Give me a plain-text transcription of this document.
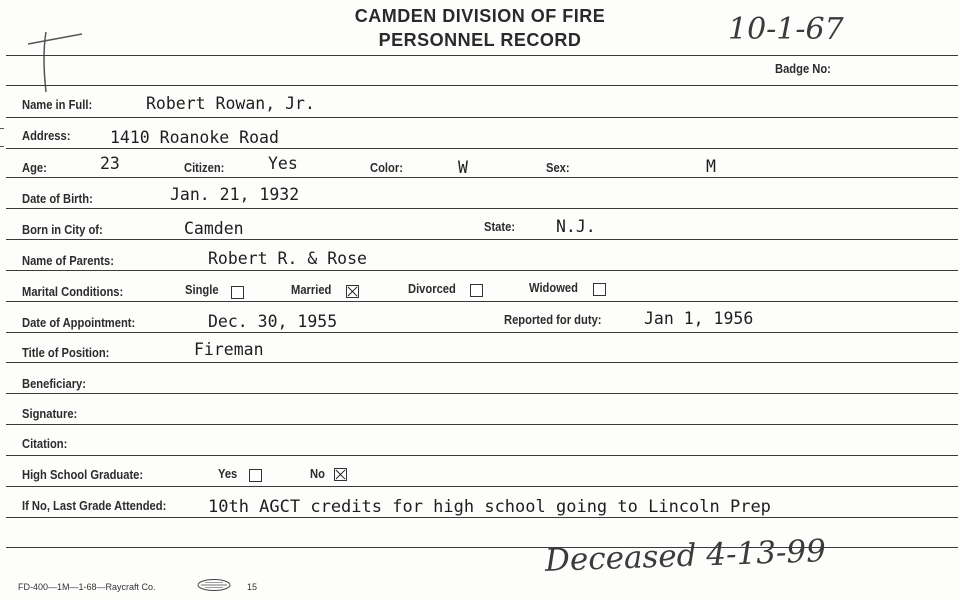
CAMDEN DIVISION OF FIRE
PERSONNEL RECORD	10-1-67
Badge No:
Name in Full:	Robert Rowan, Jr.
Address: 1410 Roanoke Road
Age:	23	Citizen:	Yes	Color:	W	Sex:	M
Date of Birth:	Jan. 21, 1932
Born in City of:	Camden	State: N.J.
Name of Parents:	Robert R. & Rose
Marital Conditions:	Single	Married	Divorced	Widowed
Date of Appointment:	Dec. 30, 1955	Reported for duty:	Jan 1, 1956
Title of Position:	Fireman
Beneficiary:
Signature:
Citation:
High School Graduate:	Yes	No
If No, Last Grade Attended: 10th AGCT credits for high school going to Lincoln Prep
Deceased 4-13-99
FD-400—1M—1-68—Raycraft Co.	15
